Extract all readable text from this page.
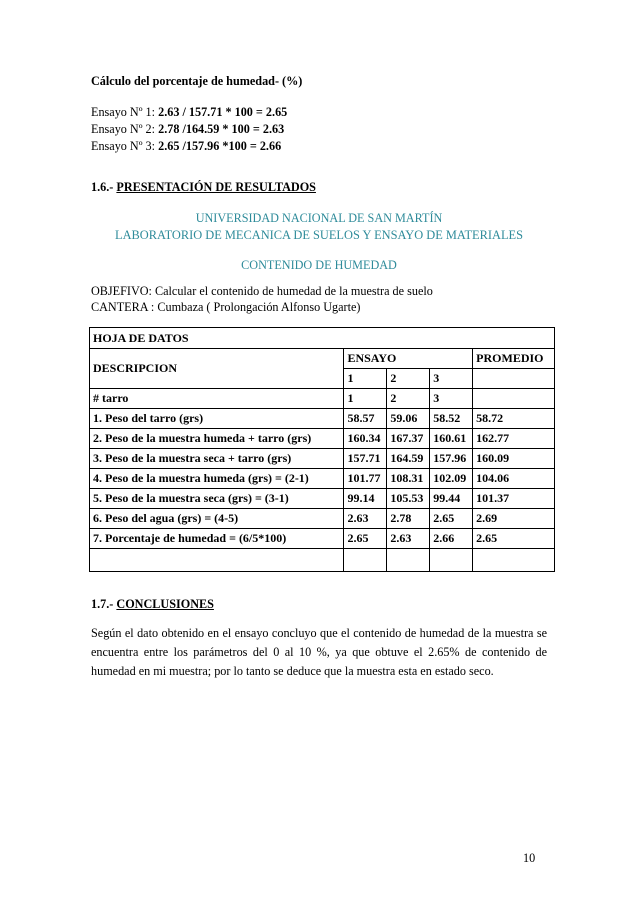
Cálculo del porcentaje de humedad- (%)
Ensayo Nº 1: 2.63 / 157.71 * 100 = 2.65
Ensayo Nº 2: 2.78 /164.59 * 100 = 2.63
Ensayo Nº 3: 2.65 /157.96 *100 = 2.66
1.6.- PRESENTACIÓN DE RESULTADOS
UNIVERSIDAD NACIONAL DE SAN MARTÍN
LABORATORIO DE MECANICA DE SUELOS Y ENSAYO DE MATERIALES
CONTENIDO DE HUMEDAD
OBJEFIVO: Calcular el contenido de humedad de la muestra de suelo
CANTERA : Cumbaza ( Prolongación Alfonso Ugarte)
HOJA DE DATOS				
DESCRIPCION	ENSAYO			PROMEDIO
	1	2	3	
# tarro	1	2	3	
1. Peso del tarro (grs)	58.57	59.06	58.52	58.72
2. Peso de la muestra humeda + tarro (grs)	160.34	167.37	160.61	162.77
3. Peso de la muestra seca + tarro (grs)	157.71	164.59	157.96	160.09
4. Peso de la muestra humeda (grs) = (2-1)	101.77	108.31	102.09	104.06
5. Peso de la muestra seca (grs) = (3-1)	99.14	105.53	99.44	101.37
6. Peso del agua (grs) = (4-5)	2.63	2.78	2.65	2.69
7. Porcentaje de humedad = (6/5*100)	2.65	2.63	2.66	2.65

1.7.- CONCLUSIONES
Según el dato obtenido en el ensayo concluyo que el contenido de humedad de la muestra se encuentra entre los parámetros del 0 al 10 %, ya que obtuve el 2.65% de contenido de humedad en mi muestra; por lo tanto se deduce que la muestra esta en estado seco.
10
